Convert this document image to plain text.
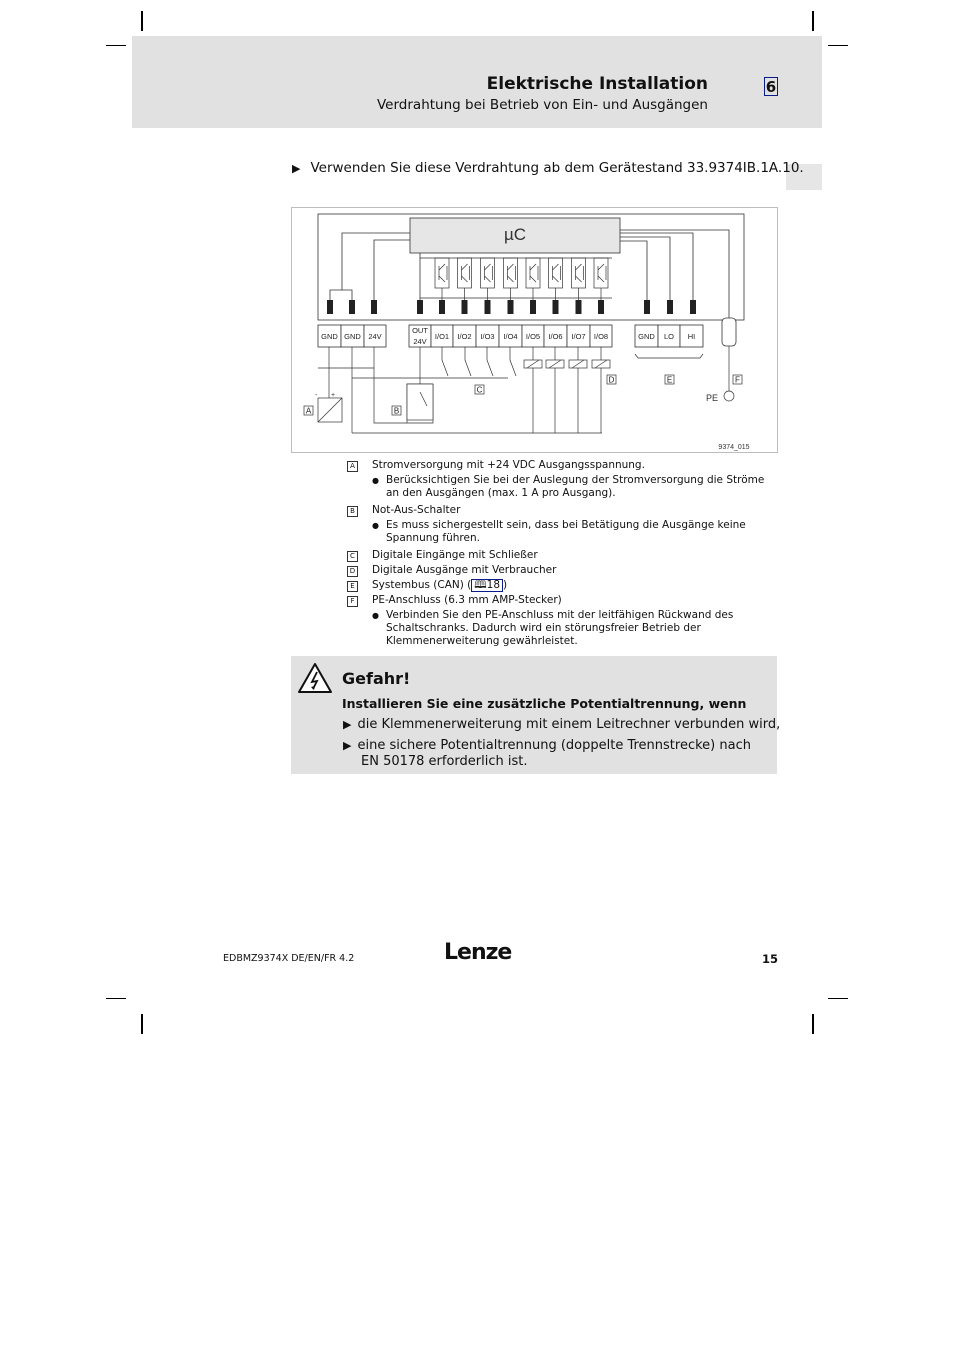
Elektrische Installation
Verdrahtung bei Betrieb von Ein- und Ausgängen
6
▶ Verwenden Sie diese Verdrahtung ab dem Gerätestand 33.9374IB.1A.10.
GND GND 24V
OUT
24V
I/O1 I/O2 I/O3 I/O4 I/O5 I/O6 I/O7 I/O8	GND LO HI
µC
- +	PE
9374_015
A	B
C
D	E	F
A Stromversorgung mit +24 VDC Ausgangsspannung.
● Berücksichtigen Sie bei der Auslegung der Stromversorgung die Ströme an den Ausgängen (max. 1 A pro Ausgang).
B Not-Aus-Schalter
● Es muss sichergestellt sein, dass bei Betätigung die Ausgänge keine Spannung führen.
C Digitale Eingänge mit Schließer
D Digitale Ausgänge mit Verbraucher
E	Systembus (CAN) ( 🕮18 )
F	PE-Anschluss (6.3 mm AMP-Stecker)
● Verbinden Sie den PE-Anschluss mit der leitfähigen Rückwand des Schaltschranks. Dadurch wird ein störungsfreier Betrieb der Klemmenerweiterung gewährleistet.
Gefahr!
Installieren Sie eine zusätzliche Potentialtrennung, wenn
▶ die Klemmenerweiterung mit einem Leitrechner verbunden wird,
▶ eine sichere Potentialtrennung (doppelte Trennstrecke) nach
EN 50178 erforderlich ist.
EDBMZ9374X DE/EN/FR 4.2	Lenze	15
